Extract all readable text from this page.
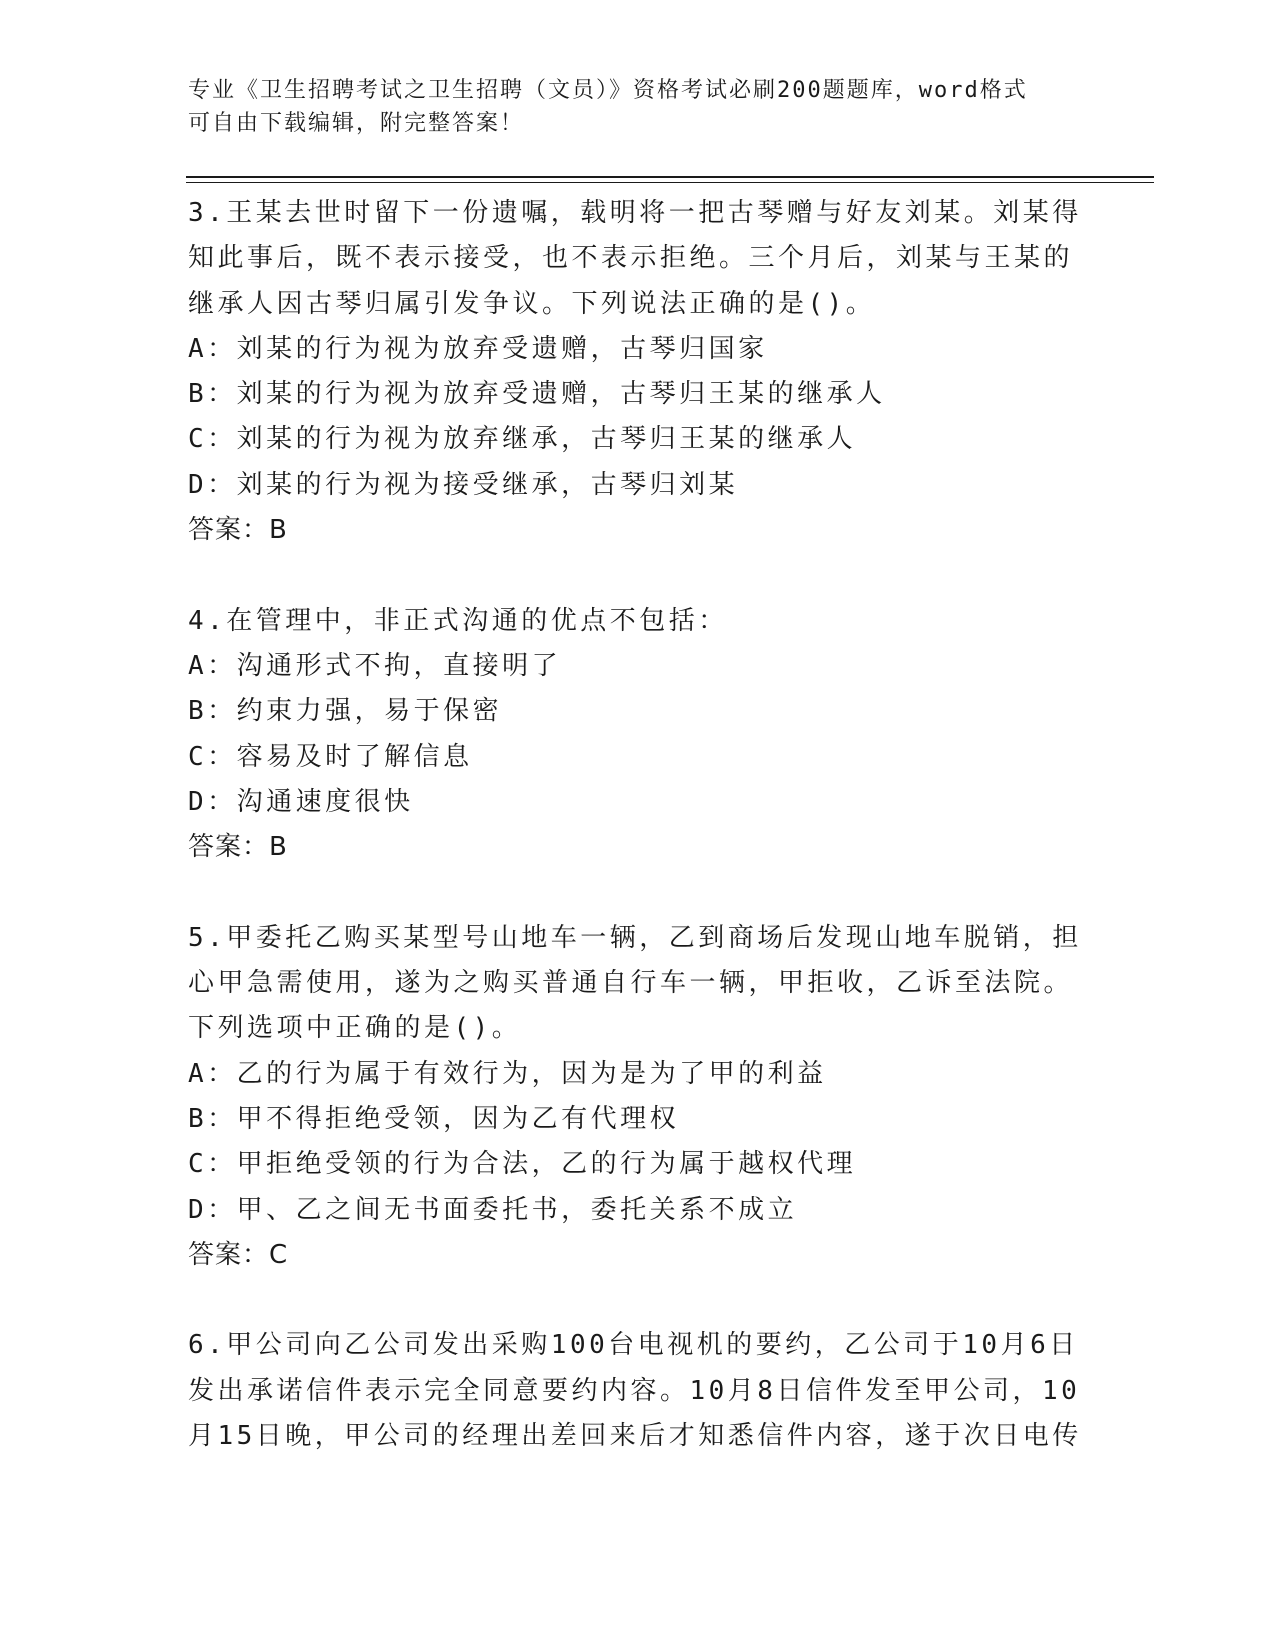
专业《卫生招聘考试之卫生招聘（文员）》资格考试必刷200题题库，word格式
可自由下载编辑，附完整答案！
3.王某去世时留下一份遗嘱，载明将一把古琴赠与好友刘某。刘某得
知此事后，既不表示接受，也不表示拒绝。三个月后，刘某与王某的
继承人因古琴归属引发争议。下列说法正确的是()。
A：刘某的行为视为放弃受遗赠，古琴归国家
B：刘某的行为视为放弃受遗赠，古琴归王某的继承人
C：刘某的行为视为放弃继承，古琴归王某的继承人
D：刘某的行为视为接受继承，古琴归刘某
答案：B
4.在管理中，非正式沟通的优点不包括：
A：沟通形式不拘，直接明了
B：约束力强，易于保密
C：容易及时了解信息
D：沟通速度很快
答案：B
5.甲委托乙购买某型号山地车一辆，乙到商场后发现山地车脱销，担
心甲急需使用，遂为之购买普通自行车一辆，甲拒收，乙诉至法院。
下列选项中正确的是()。
A：乙的行为属于有效行为，因为是为了甲的利益
B：甲不得拒绝受领，因为乙有代理权
C：甲拒绝受领的行为合法，乙的行为属于越权代理
D：甲、乙之间无书面委托书，委托关系不成立
答案：C
6.甲公司向乙公司发出采购100台电视机的要约，乙公司于10月6日
发出承诺信件表示完全同意要约内容。10月8日信件发至甲公司，10
月15日晚，甲公司的经理出差回来后才知悉信件内容，遂于次日电传
